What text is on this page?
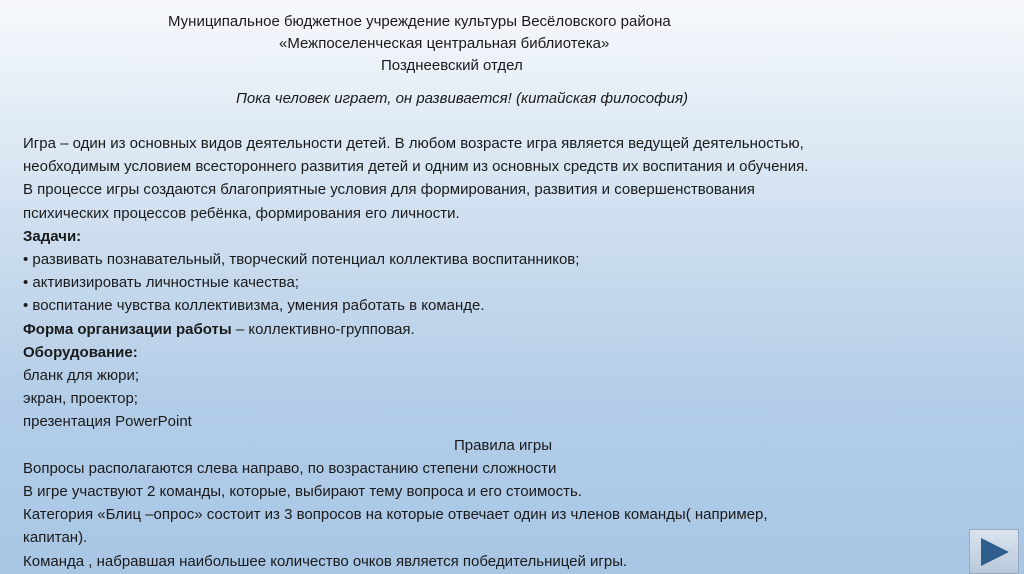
Муниципальное бюджетное учреждение культуры Весёловского района
«Межпоселенческая центральная библиотека»
Позднеевский отдел
Пока человек играет, он развивается! (китайская философия)

Игра – один из основных видов деятельности детей. В любом возрасте игра является ведущей деятельностью,

необходимым условием всестороннего развития детей и одним из основных средств их воспитания и обучения.

В процессе игры создаются благоприятные условия для формирования, развития и совершенствования

психических процессов ребёнка, формирования его личности.

Задачи:

• развивать познавательный, творческий потенциал коллектива воспитанников;

• активизировать личностные качества;

• воспитание чувства коллективизма, умения работать в команде.

Форма организации работы – коллективно-групповая.

Оборудование:

бланк для жюри;

экран, проектор;

презентация PowerPoint

Правила игры

Вопросы располагаются слева направо, по возрастанию степени сложности

В игре участвуют 2 команды, которые, выбирают тему вопроса и его стоимость.

Категория «Блиц –опрос» состоит из 3 вопросов на которые отвечает один из членов команды( например,

капитан).

Команда , набравшая наибольшее количество очков является победительницей игры.
